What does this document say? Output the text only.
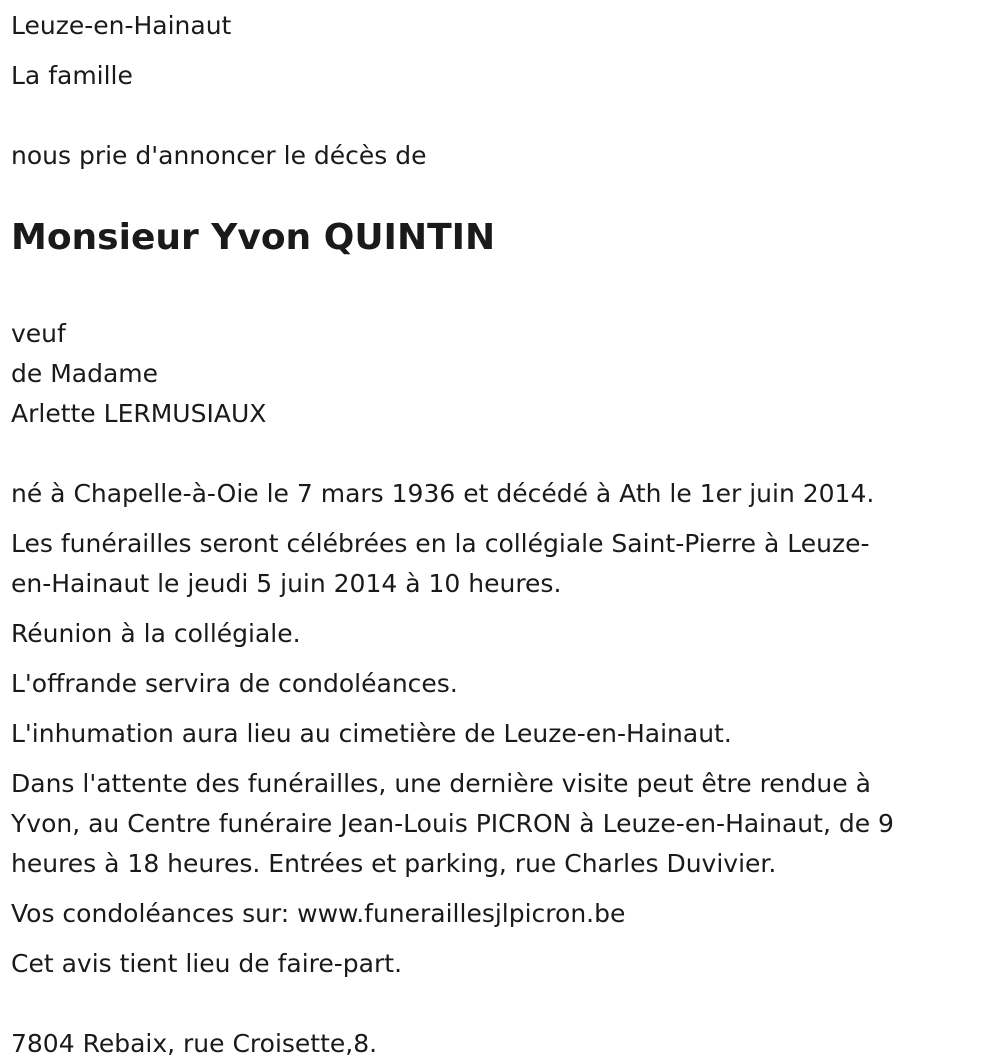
Leuze-en-Hainaut

La famille

nous prie d'annoncer le décès de

Monsieur Yvon QUINTIN

veuf

de Madame

Arlette LERMUSIAUX

né à Chapelle-à-Oie le 7 mars 1936 et décédé à Ath le 1er juin 2014.

Les funérailles seront célébrées en la collégiale Saint-Pierre à Leuze-

en-Hainaut le jeudi 5 juin 2014 à 10 heures.

Réunion à la collégiale.

L'offrande servira de condoléances.

L'inhumation aura lieu au cimetière de Leuze-en-Hainaut.

Dans l'attente des funérailles, une dernière visite peut être rendue à

Yvon, au Centre funéraire Jean-Louis PICRON à Leuze-en-Hainaut, de 9

heures à 18 heures. Entrées et parking, rue Charles Duvivier.

Vos condoléances sur: www.funeraillesjlpicron.be

Cet avis tient lieu de faire-part.

7804 Rebaix, rue Croisette,8.
